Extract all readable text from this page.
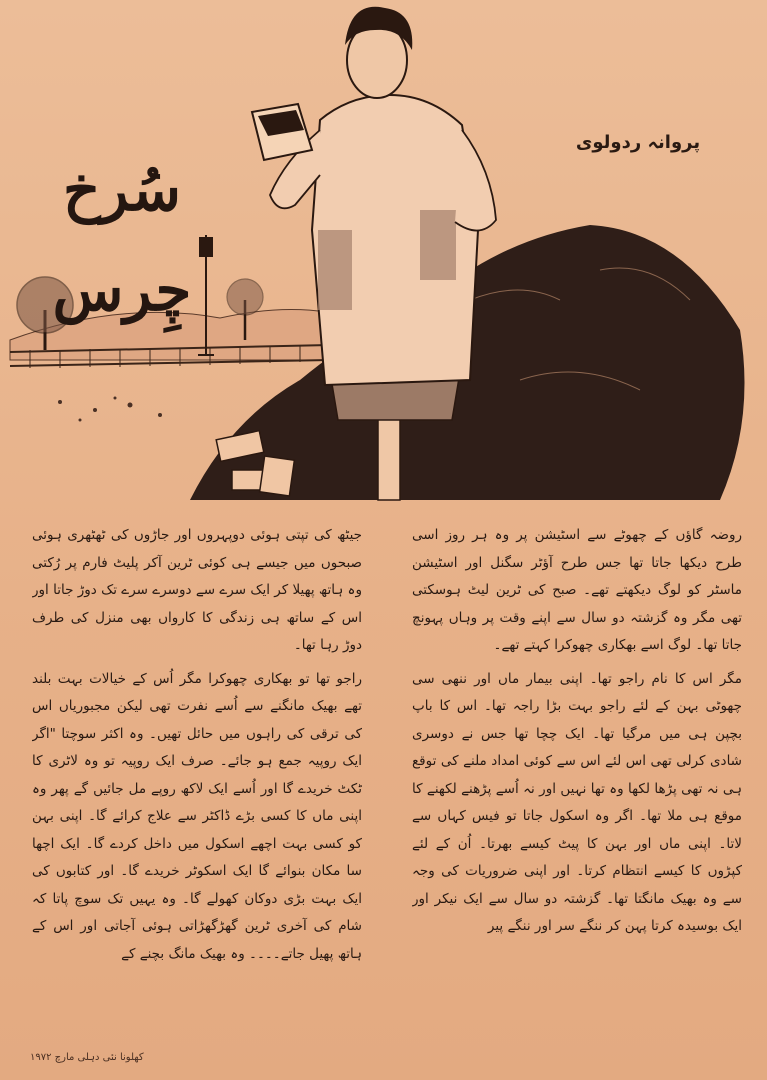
سُرخ چِرس
پروانہ ردولوی

روضہ گاؤں کے چھوٹے سے اسٹیشن پر وہ ہر روز اسی طرح دیکھا جاتا تھا جس طرح آؤٹر سگنل اور اسٹیشن ماسٹر کو لوگ دیکھتے تھے۔ صبح کی ٹرین لیٹ ہوسکتی تھی مگر وہ گزشتہ دو سال سے اپنے وقت پر وہاں پہونچ جاتا تھا۔ لوگ اسے بھکاری چھوکرا کہتے تھے۔

مگر اس کا نام راجو تھا۔ اپنی بیمار ماں اور ننھی سی چھوٹی بہن کے لئے راجو بہت بڑا راجہ تھا۔ اس کا باپ بچپن ہی میں مرگیا تھا۔ ایک چچا تھا جس نے دوسری شادی کرلی تھی اس لئے اس سے کوئی امداد ملنے کی توقع ہی نہ تھی پڑھا لکھا وہ تھا نہیں اور نہ اُسے پڑھنے لکھنے کا موقع ہی ملا تھا۔ اگر وہ اسکول جاتا تو فیس کہاں سے لاتا۔ اپنی ماں اور بہن کا پیٹ کیسے بھرتا۔ اُن کے لئے کپڑوں کا کیسے انتظام کرتا۔ اور اپنی ضروریات کی وجہ سے وہ بھیک مانگتا تھا۔ گزشتہ دو سال سے ایک نیکر اور ایک بوسیدہ کرتا پہن کر ننگے سر اور ننگے پیر

جیٹھ کی تپتی ہوئی دوپہروں اور جاڑوں کی ٹھٹھری ہوئی صبحوں میں جیسے ہی کوئی ٹرین آکر پلیٹ فارم پر رُکتی وہ ہاتھ پھیلا کر ایک سرے سے دوسرے سرے تک دوڑ جاتا اور اس کے ساتھ ہی زندگی کا کارواں بھی منزل کی طرف دوڑ رہا تھا۔

راجو تھا تو بھکاری چھوکرا مگر اُس کے خیالات بہت بلند تھے بھیک مانگنے سے اُسے نفرت تھی لیکن مجبوریاں اس کی ترقی کی راہوں میں حائل تھیں۔ وہ اکثر سوچتا "اگر ایک روپیہ جمع ہو جائے۔ صرف ایک روپیہ تو وہ لاٹری کا ٹکٹ خریدے گا اور اُسے ایک لاکھ روپے مل جائیں گے پھر وہ اپنی ماں کا کسی بڑے ڈاکٹر سے علاج کرائے گا۔ اپنی بہن کو کسی بہت اچھے اسکول میں داخل کردے گا۔ ایک اچھا سا مکان بنوائے گا ایک اسکوٹر خریدے گا۔ اور کتابوں کی ایک بہت بڑی دوکان کھولے گا۔ وہ یہیں تک سوچ پاتا کہ شام کی آخری ٹرین گھڑگھڑاتی ہوئی آجاتی اور اس کے ہاتھ پھیل جاتے۔۔۔۔ وہ بھیک مانگ بچنے کے

کھلونا نئی دہلی مارچ ۱۹۷۲
